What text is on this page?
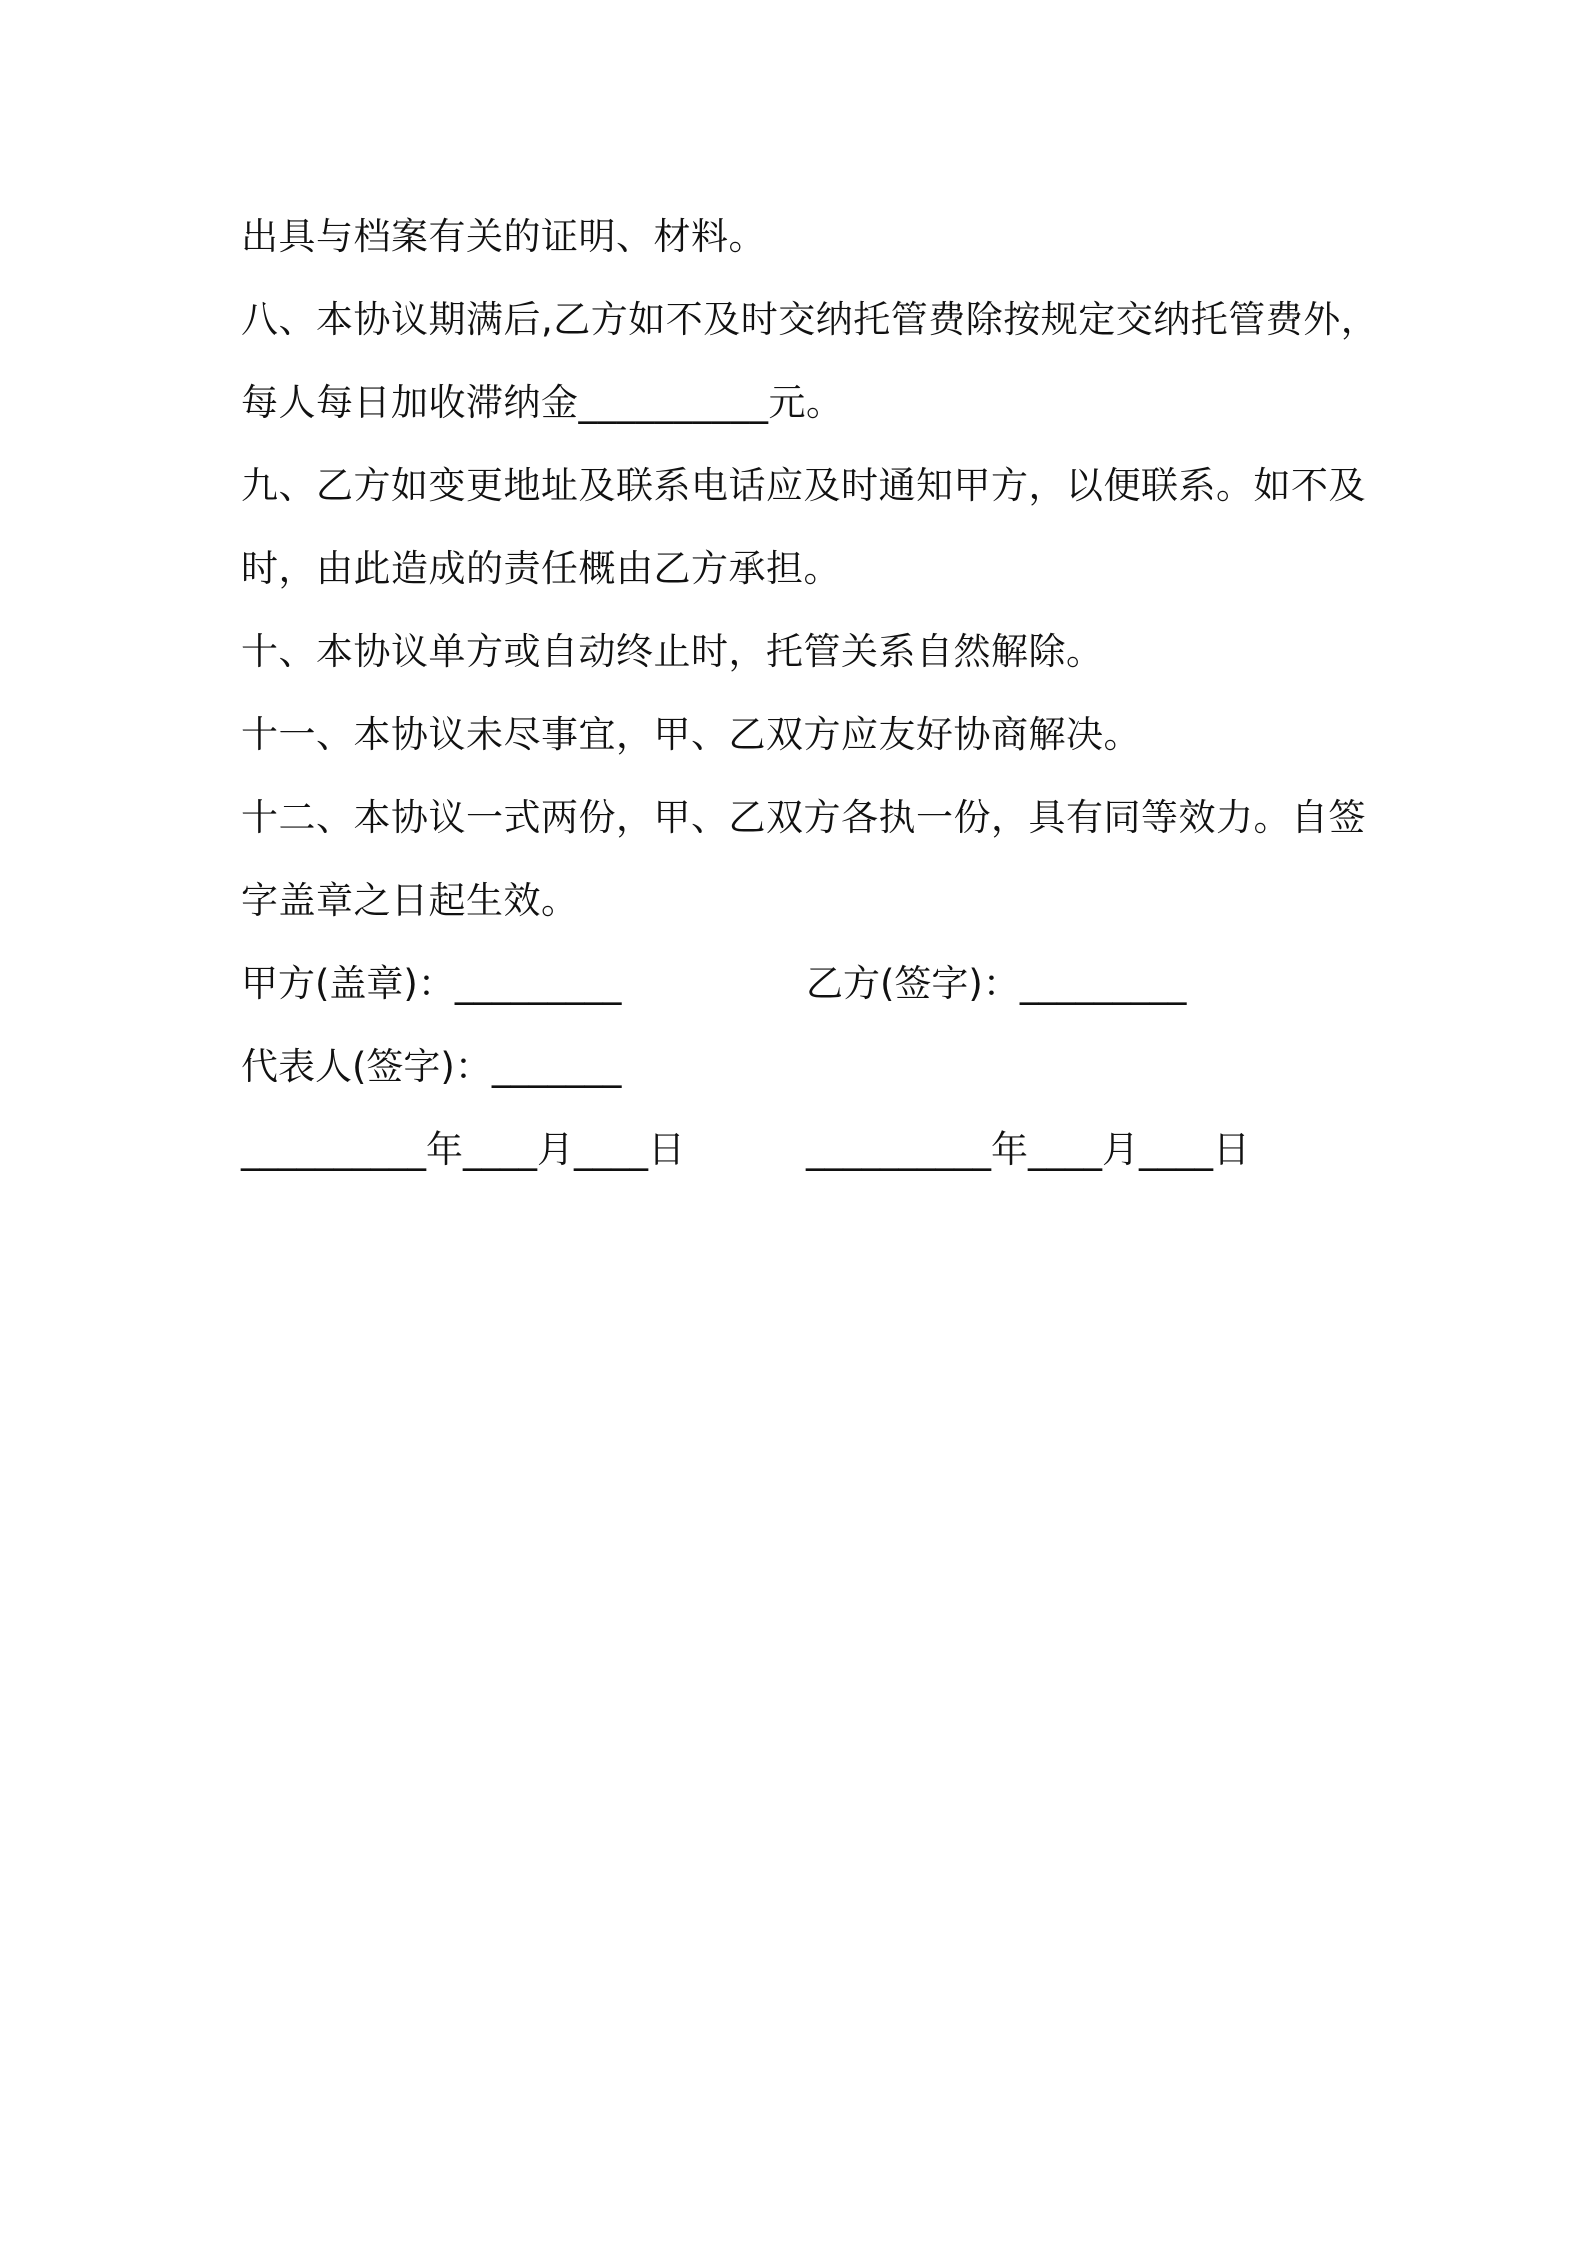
出具与档案有关的证明、材料。
八、本协议期满后,乙方如不及时交纳托管费除按规定交纳托管费外，
每人每日加收滞纳金__________元。
九、乙方如变更地址及联系电话应及时通知甲方，以便联系。如不及
时，由此造成的责任概由乙方承担。
十、本协议单方或自动终止时，托管关系自然解除。
十一、本协议未尽事宜，甲、乙双方应友好协商解决。
十二、本协议一式两份，甲、乙双方各执一份，具有同等效力。自签
字盖章之日起生效。
甲方(盖章)：_________	乙方(签字)：_________
代表人(签字)：_______
__________年____月____日	__________年____月____日
